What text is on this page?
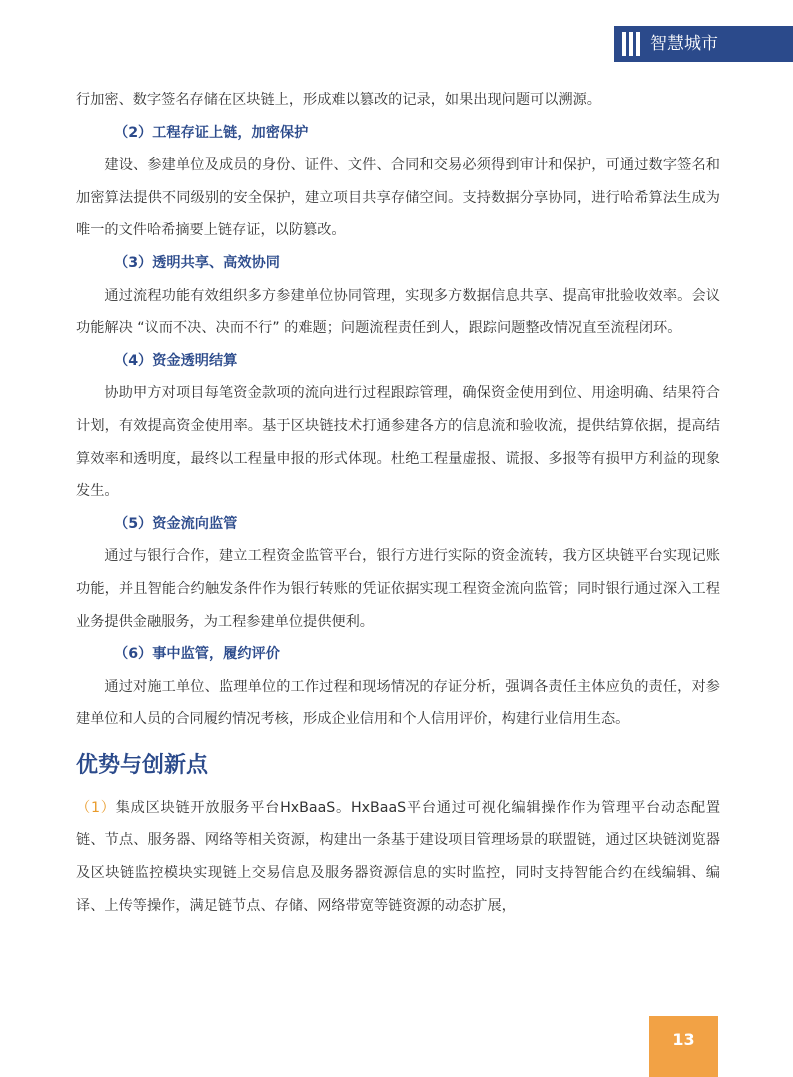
智慧城市

行加密、数字签名存储在区块链上，形成难以篡改的记录，如果出现问题可以溯源。

（2）工程存证上链，加密保护

建设、参建单位及成员的身份、证件、文件、合同和交易必须得到审计和保护，可通过数字签名和加密算法提供不同级别的安全保护，建立项目共享存储空间。支持数据分享协同，进行哈希算法生成为唯一的文件哈希摘要上链存证，以防篡改。

（3）透明共享、高效协同

通过流程功能有效组织多方参建单位协同管理，实现多方数据信息共享、提高审批验收效率。会议功能解决 “议而不决、决而不行” 的难题；问题流程责任到人，跟踪问题整改情况直至流程闭环。

（4）资金透明结算

协助甲方对项目每笔资金款项的流向进行过程跟踪管理，确保资金使用到位、用途明确、结果符合计划，有效提高资金使用率。基于区块链技术打通参建各方的信息流和验收流，提供结算依据，提高结算效率和透明度，最终以工程量申报的形式体现。杜绝工程量虚报、谎报、多报等有损甲方利益的现象发生。

（5）资金流向监管

通过与银行合作，建立工程资金监管平台，银行方进行实际的资金流转，我方区块链平台实现记账功能，并且智能合约触发条件作为银行转账的凭证依据实现工程资金流向监管；同时银行通过深入工程业务提供金融服务，为工程参建单位提供便利。

（6）事中监管，履约评价

通过对施工单位、监理单位的工作过程和现场情况的存证分析，强调各责任主体应负的责任，对参建单位和人员的合同履约情况考核，形成企业信用和个人信用评价，构建行业信用生态。

优势与创新点

（1）集成区块链开放服务平台HxBaaS。HxBaaS平台通过可视化编辑操作作为管理平台动态配置链、节点、服务器、网络等相关资源，构建出一条基于建设项目管理场景的联盟链，通过区块链浏览器及区块链监控模块实现链上交易信息及服务器资源信息的实时监控，同时支持智能合约在线编辑、编译、上传等操作，满足链节点、存储、网络带宽等链资源的动态扩展，

13
